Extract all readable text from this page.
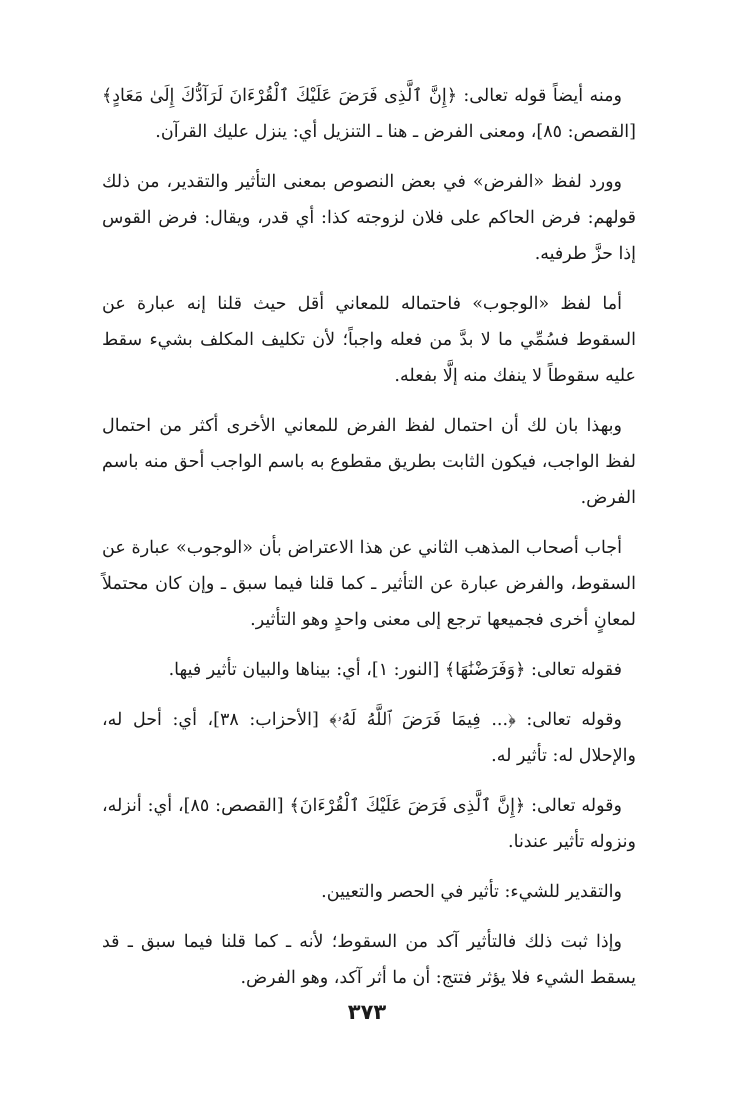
ومنه أيضاً قوله تعالى: ﴿إِنَّ ٱلَّذِى فَرَضَ عَلَيْكَ ٱلْقُرْءَانَ لَرَآدُّكَ إِلَىٰ مَعَادٍ﴾ [القصص: ٨٥]، ومعنى الفرض ـ هنا ـ التنزيل أي: ينزل عليك القرآن.

وورد لفظ «الفرض» في بعض النصوص بمعنى التأثير والتقدير، من ذلك قولهم: فرض الحاكم على فلان لزوجته كذا: أي قدر، ويقال: فرض القوس إذا حزَّ طرفيه.

أما لفظ «الوجوب» فاحتماله للمعاني أقل حيث قلنا إنه عبارة عن السقوط فسُمِّي ما لا بدَّ من فعله واجباً؛ لأن تكليف المكلف بشيء سقط عليه سقوطاً لا ينفك منه إلَّا بفعله.

وبهذا بان لك أن احتمال لفظ الفرض للمعاني الأخرى أكثر من احتمال لفظ الواجب، فيكون الثابت بطريق مقطوع به باسم الواجب أحق منه باسم الفرض.

أجاب أصحاب المذهب الثاني عن هذا الاعتراض بأن «الوجوب» عبارة عن السقوط، والفرض عبارة عن التأثير ـ كما قلنا فيما سبق ـ وإن كان محتملاً لمعانٍ أخرى فجميعها ترجع إلى معنى واحدٍ وهو التأثير.

فقوله تعالى: ﴿وَفَرَضْنَٰهَا﴾ [النور: ١]، أي: بيناها والبيان تأثير فيها.

وقوله تعالى: ﴿... فِيمَا فَرَضَ ٱللَّهُ لَهُۥ﴾ [الأحزاب: ٣٨]، أي: أحل له، والإحلال له: تأثير له.

وقوله تعالى: ﴿إِنَّ ٱلَّذِى فَرَضَ عَلَيْكَ ٱلْقُرْءَانَ﴾ [القصص: ٨٥]، أي: أنزله، ونزوله تأثير عندنا.

والتقدير للشيء: تأثير في الحصر والتعيين.

وإذا ثبت ذلك فالتأثير آكد من السقوط؛ لأنه ـ كما قلنا فيما سبق ـ قد يسقط الشيء فلا يؤثر فتتج: أن ما أثر آكد، وهو الفرض.

٣٧٣
